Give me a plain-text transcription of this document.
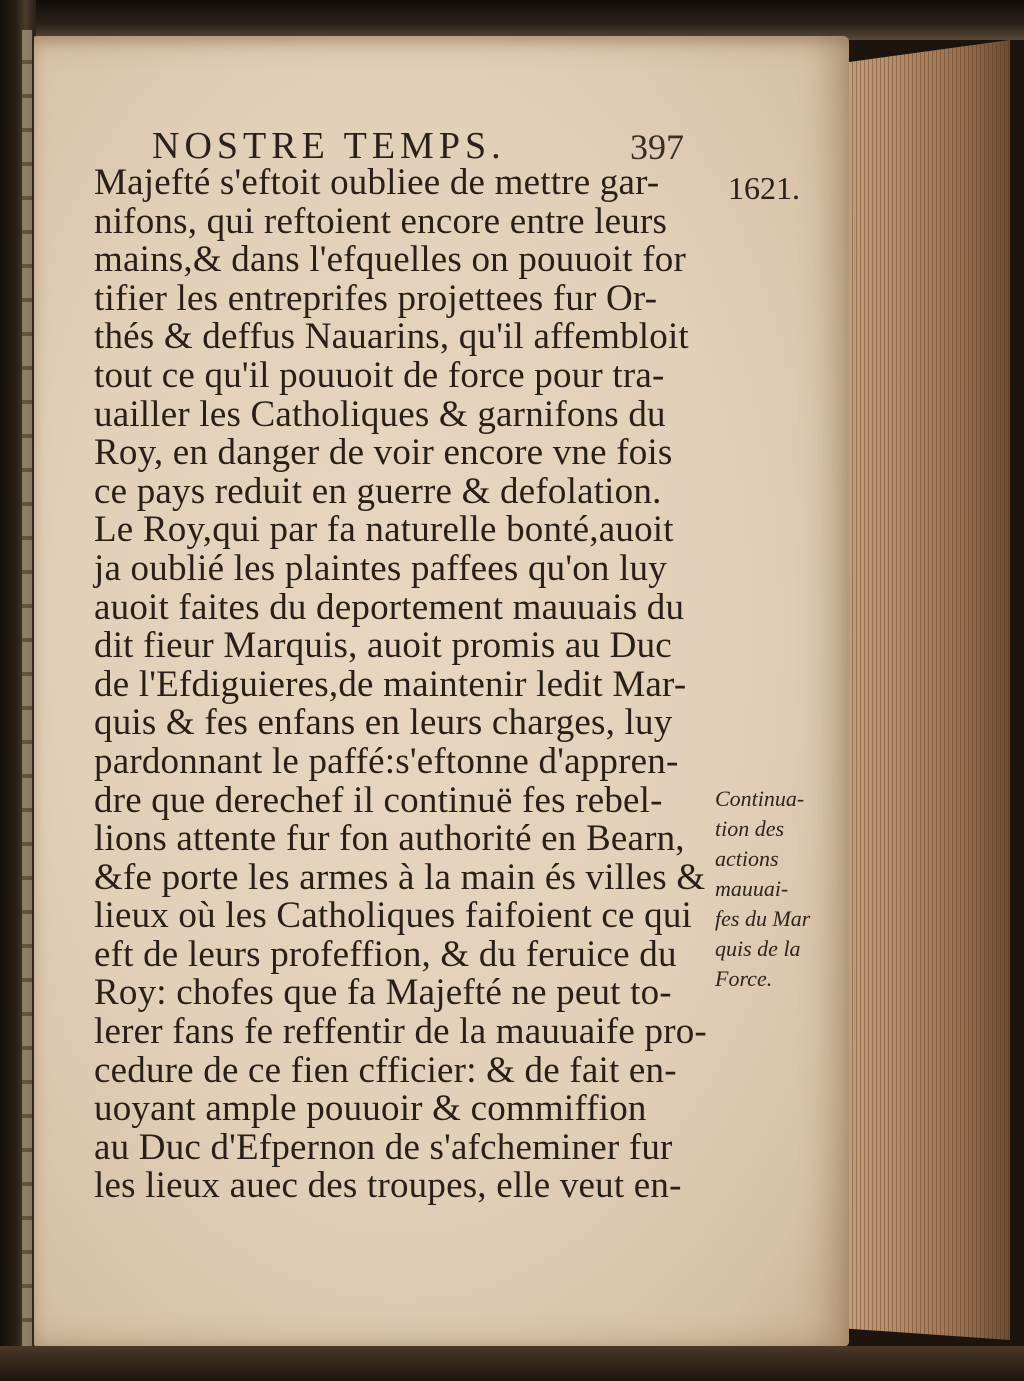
NOSTRE TEMPS.	397
1621.
Majefté s'eftoit oubliee de mettre gar-
nifons, qui reftoient encore entre leurs
mains,& dans l'efquelles on pouuoit for
tifier les entreprifes projettees fur Or-
thés & deffus Nauarins, qu'il affembloit
tout ce qu'il pouuoit de force pour tra-
uailler les Catholiques & garnifons du
Roy, en danger de voir encore vne fois
ce pays reduit en guerre & defolation.
Le Roy,qui par fa naturelle bonté,auoit
ja oublié les plaintes paffees qu'on luy
auoit faites du deportement mauuais du
dit fieur Marquis, auoit promis au Duc
de l'Efdiguieres,de maintenir ledit Mar-
quis & fes enfans en leurs charges, luy
pardonnant le paffé:s'eftonne d'appren-
dre que derechef il continuë fes rebel-
lions attente fur fon authorité en Bearn,
&fe porte les armes à la main és villes &
lieux où les Catholiques faifoient ce qui
eft de leurs profeffion, & du feruice du
Roy: chofes que fa Majefté ne peut to-
lerer fans fe reffentir de la mauuaife pro-
cedure de ce fien cfficier: & de fait en-
uoyant ample pouuoir & commiffion
au Duc d'Efpernon de s'afcheminer fur
les lieux auec des troupes, elle veut en-
Continua-
tion des
actions
mauuai-
fes du Mar
quis de la
Force.
